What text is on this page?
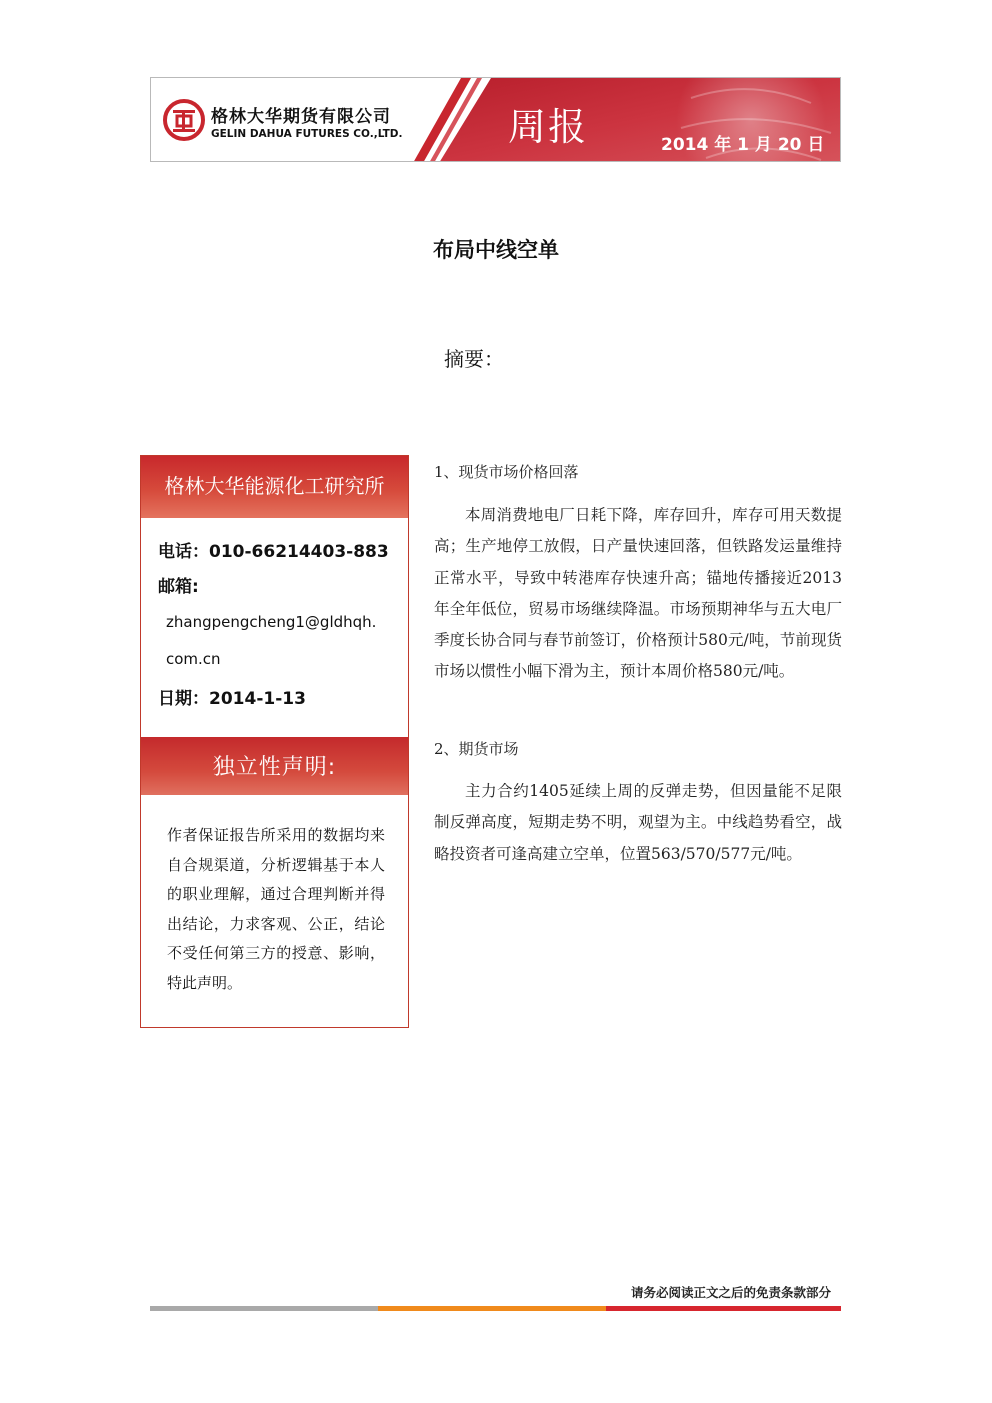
格林大华期货有限公司
GELIN DAHUA FUTURES CO.,LTD.	周报	2014 年 1 月 20 日
布局中线空单
摘要：
格林大华能源化工研究所
电话：010-66214403-883
邮箱:
zhangpengcheng1@gldhqh.
com.cn
日期：2014-1-13
独立性声明:
作者保证报告所采用的数据均来自合规渠道，分析逻辑基于本人的职业理解，通过合理判断并得出结论，力求客观、公正，结论不受任何第三方的授意、影响，特此声明。
1、现货市场价格回落
本周消费地电厂日耗下降，库存回升，库存可用天数提高；生产地停工放假，日产量快速回落，但铁路发运量维持正常水平，导致中转港库存快速升高；锚地传播接近2013年全年低位，贸易市场继续降温。市场预期神华与五大电厂季度长协合同与春节前签订，价格预计580元/吨，节前现货市场以惯性小幅下滑为主，预计本周价格580元/吨。
2、期货市场
主力合约1405延续上周的反弹走势，但因量能不足限制反弹高度，短期走势不明，观望为主。中线趋势看空，战略投资者可逢高建立空单，位置563/570/577元/吨。
请务必阅读正文之后的免责条款部分
